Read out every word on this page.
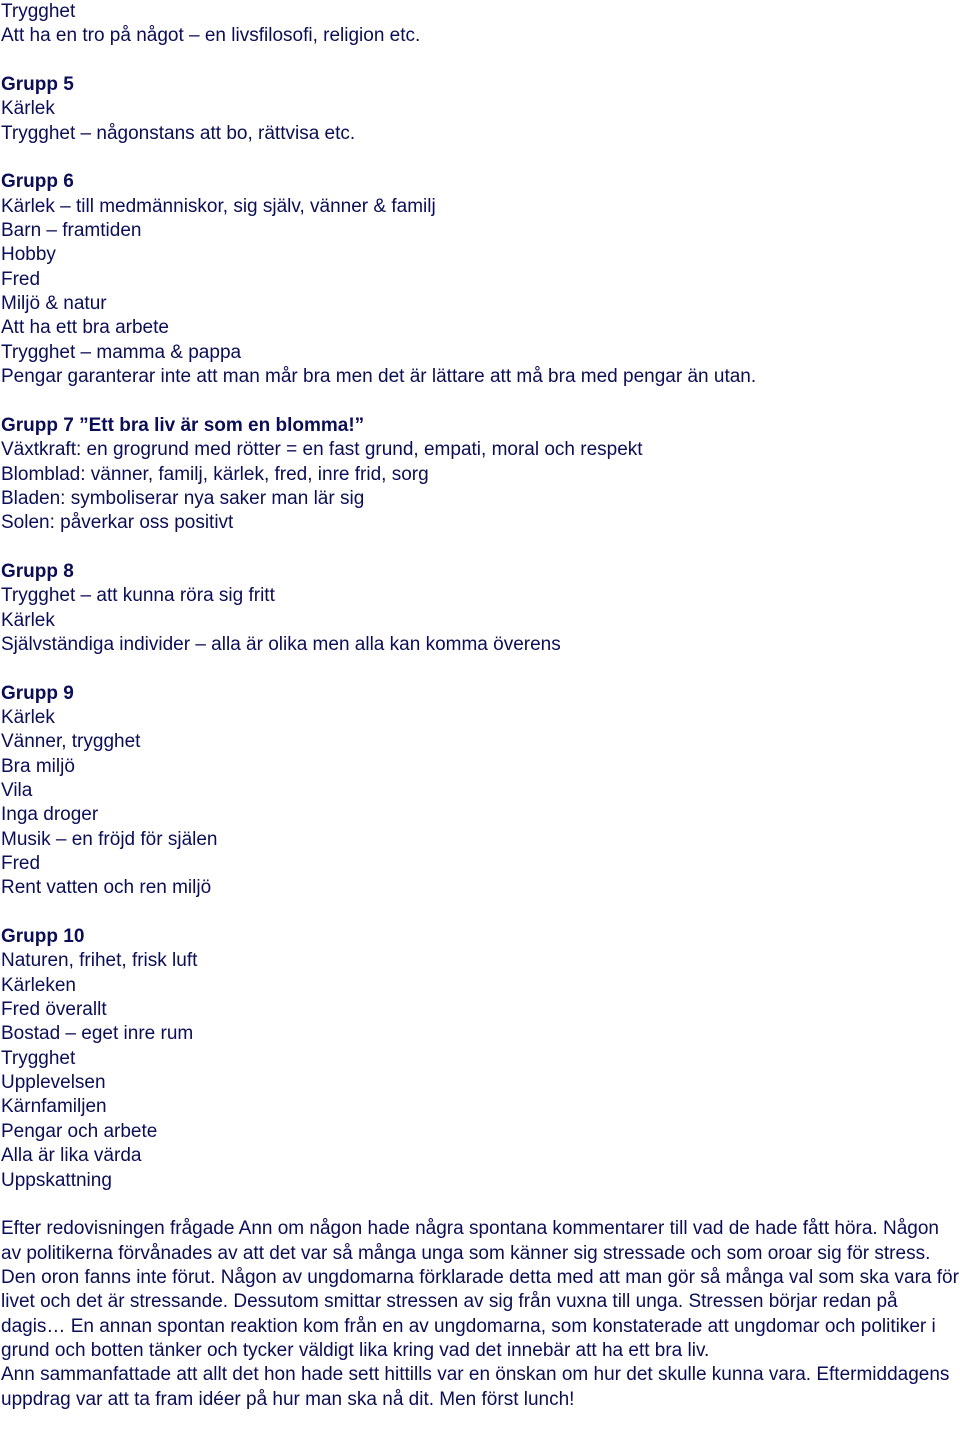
Trygghet
Att ha en tro på något – en livsfilosofi, religion etc.
Grupp 5
Kärlek
Trygghet – någonstans att bo, rättvisa etc.
Grupp 6
Kärlek – till medmänniskor, sig själv, vänner & familj
Barn – framtiden
Hobby
Fred
Miljö & natur
Att ha ett bra arbete
Trygghet – mamma & pappa
Pengar garanterar inte att man mår bra men det är lättare att må bra med pengar än utan.
Grupp 7 ”Ett bra liv är som en blomma!”
Växtkraft: en grogrund med rötter = en fast grund, empati, moral och respekt
Blomblad: vänner, familj, kärlek, fred, inre frid, sorg
Bladen: symboliserar nya saker man lär sig
Solen: påverkar oss positivt
Grupp 8
Trygghet – att kunna röra sig fritt
Kärlek
Självständiga individer – alla är olika men alla kan komma överens
Grupp 9
Kärlek
Vänner, trygghet
Bra miljö
Vila
Inga droger
Musik – en fröjd för själen
Fred
Rent vatten och ren miljö
Grupp 10
Naturen, frihet, frisk luft
Kärleken
Fred överallt
Bostad – eget inre rum
Trygghet
Upplevelsen
Kärnfamiljen
Pengar och arbete
Alla är lika värda
Uppskattning
Efter redovisningen frågade Ann om någon hade några spontana kommentarer till vad de hade fått höra. Någon av politikerna förvånades av att det var så många unga som känner sig stressade och som oroar sig för stress. Den oron fanns inte förut. Någon av ungdomarna förklarade detta med att man gör så många val som ska vara för livet och det är stressande. Dessutom smittar stressen av sig från vuxna till unga. Stressen börjar redan på dagis… En annan spontan reaktion kom från en av ungdomarna, som konstaterade att ungdomar och politiker i grund och botten tänker och tycker väldigt lika kring vad det innebär att ha ett bra liv.
Ann sammanfattade att allt det hon hade sett hittills var en önskan om hur det skulle kunna vara. Eftermiddagens uppdrag var att ta fram idéer på hur man ska nå dit. Men först lunch!
